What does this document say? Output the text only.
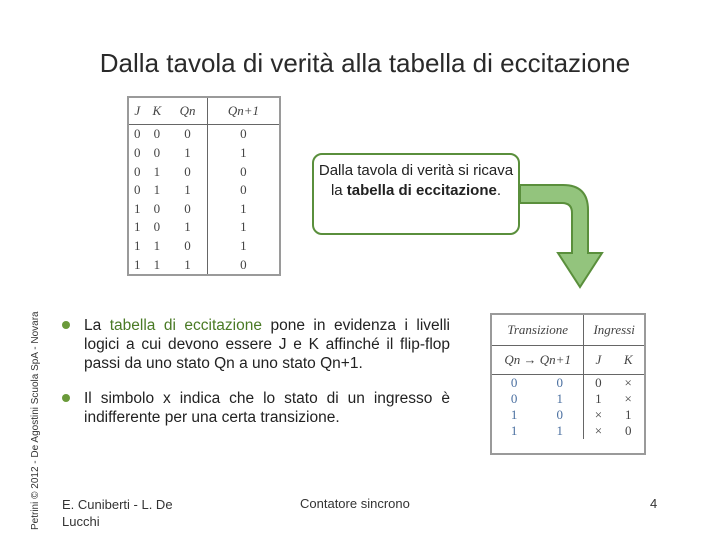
Dalla tavola di verità alla tabella di eccitazione
Petrini © 2012 - De Agostini Scuola SpA - Novara
J	K	Qn	Qn+1
0	0	0	0
0	0	1	1
0	1	0	0
0	1	1	0
1	0	0	1
1	0	1	1
1	1	0	1
1	1	1	0
Dalla tavola di verità si ricava la tabella di eccitazione.
La tabella di eccitazione pone in evidenza i livelli logici a cui devono essere J e K affinché il flip-flop passi da uno stato Qn a uno stato Qn+1.
Il simbolo x indica che lo stato di un ingresso è indifferente per una certa transizione.
Transizione		Ingressi	
Qn → Qn+1		J	K
0	0	0	×
0	1	1	×
1	0	×	1
1	1	×	0
E. Cuniberti - L. De Lucchi
Contatore sincrono	4
